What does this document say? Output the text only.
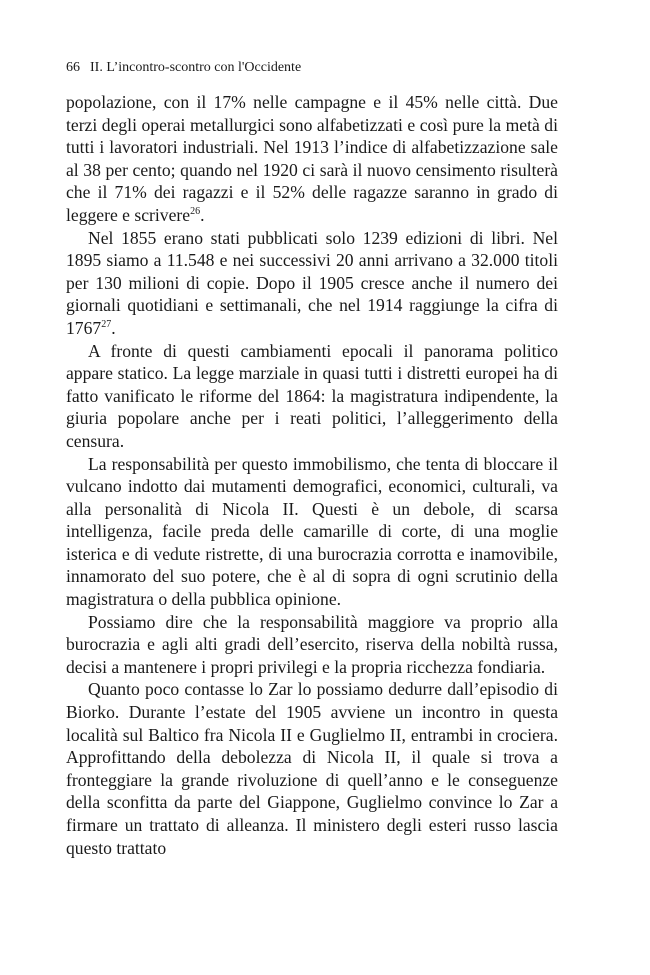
66 II. L’incontro-scontro con l'Occidente

popolazione, con il 17% nelle campagne e il 45% nelle città. Due terzi degli operai metallurgici sono alfabetizzati e così pure la metà di tutti i lavoratori industriali. Nel 1913 l’indice di alfabetizzazione sale al 38 per cento; quando nel 1920 ci sarà il nuovo censimento risulterà che il 71% dei ragazzi e il 52% delle ragazze saranno in grado di leggere e scrivere$^{26}$.

Nel 1855 erano stati pubblicati solo 1239 edizioni di libri. Nel 1895 siamo a 11.548 e nei successivi 20 anni arrivano a 32.000 titoli per 130 milioni di copie. Dopo il 1905 cresce anche il numero dei giornali quotidiani e settimanali, che nel 1914 raggiunge la cifra di 1767$^{27}$.

A fronte di questi cambiamenti epocali il panorama politico appare statico. La legge marziale in quasi tutti i distretti europei ha di fatto vanificato le riforme del 1864: la magistratura indipendente, la giuria popolare anche per i reati politici, l’alleggerimento della censura.

La responsabilità per questo immobilismo, che tenta di bloccare il vulcano indotto dai mutamenti demografici, economici, culturali, va alla personalità di Nicola II. Questi è un debole, di scarsa intelligenza, facile preda delle camarille di corte, di una moglie isterica e di vedute ristrette, di una burocrazia corrotta e inamovibile, innamorato del suo potere, che è al di sopra di ogni scrutinio della magistratura o della pubblica opinione.

Possiamo dire che la responsabilità maggiore va proprio alla burocrazia e agli alti gradi dell’esercito, riserva della nobiltà russa, decisi a mantenere i propri privilegi e la propria ricchezza fondiaria.

Quanto poco contasse lo Zar lo possiamo dedurre dall’episodio di Biorko. Durante l’estate del 1905 avviene un incontro in questa località sul Baltico fra Nicola II e Guglielmo II, entrambi in crociera. Approfittando della debolezza di Nicola II, il quale si trova a fronteggiare la grande rivoluzione di quell’anno e le conseguenze della sconfitta da parte del Giappone, Guglielmo convince lo Zar a firmare un trattato di alleanza. Il ministero degli esteri russo lascia questo trattato
